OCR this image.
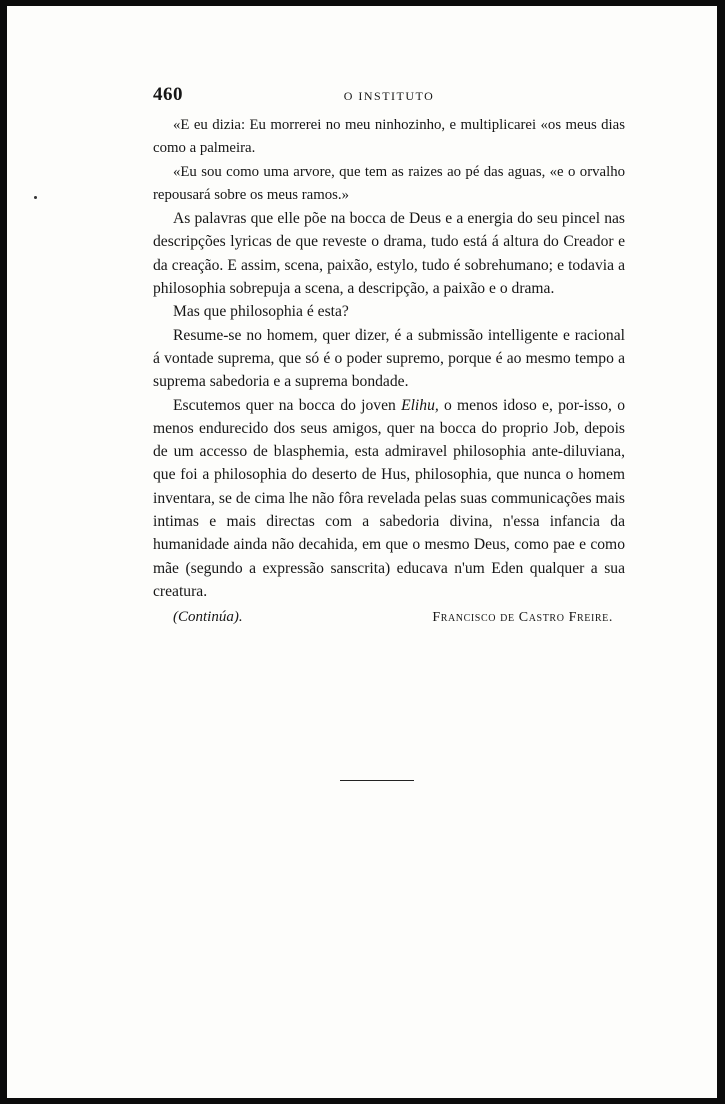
460	O INSTITUTO

«E eu dizia: Eu morrerei no meu ninhozinho, e multiplicarei «os meus dias como a palmeira.

«Eu sou como uma arvore, que tem as raizes ao pé das aguas, «e o orvalho repousará sobre os meus ramos.»

As palavras que elle põe na bocca de Deus e a energia do seu pincel nas descripções lyricas de que reveste o drama, tudo está á altura do Creador e da creação. E assim, scena, paixão, estylo, tudo é sobrehumano; e todavia a philosophia sobrepuja a scena, a descripção, a paixão e o drama.

Mas que philosophia é esta?

Resume-se no homem, quer dizer, é a submissão intelligente e racional á vontade suprema, que só é o poder supremo, porque é ao mesmo tempo a suprema sabedoria e a suprema bondade.

Escutemos quer na bocca do joven Elihu, o menos idoso e, por-isso, o menos endurecido dos seus amigos, quer na bocca do proprio Job, depois de um accesso de blasphemia, esta admiravel philosophia ante-diluviana, que foi a philosophia do deserto de Hus, philosophia, que nunca o homem inventara, se de cima lhe não fôra revelada pelas suas communicações mais intimas e mais directas com a sabedoria divina, n'essa infancia da humanidade ainda não decahida, em que o mesmo Deus, como pae e como mãe (segundo a expressão sanscrita) educava n'um Eden qualquer a sua creatura.

(Continúa).	Francisco de Castro Freire.
